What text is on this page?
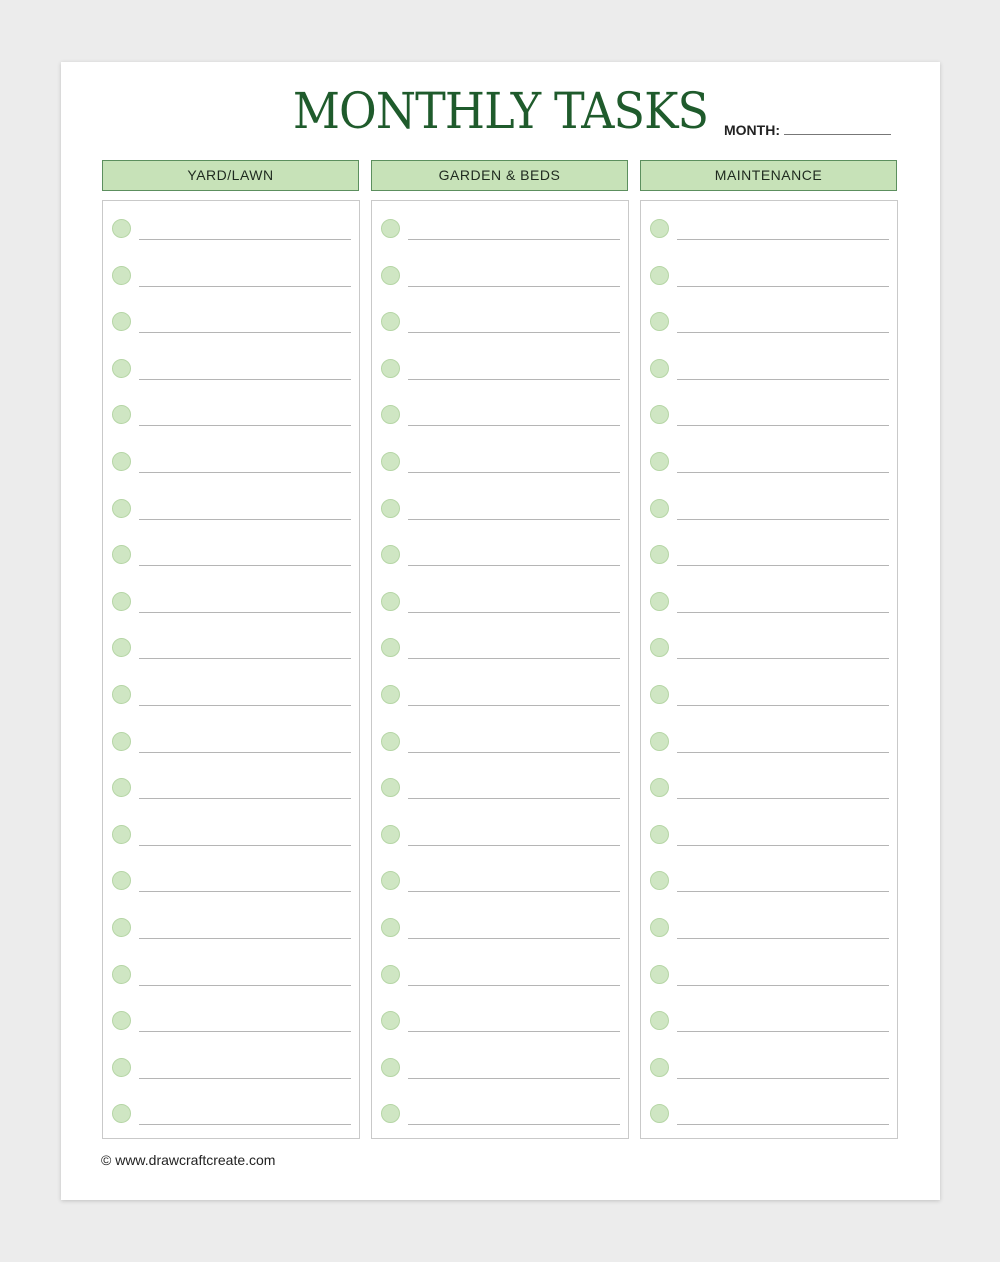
MONTHLY TASKS	MONTH:
YARD/LAWN	GARDEN & BEDS	MAINTENANCE
© www.drawcraftcreate.com
